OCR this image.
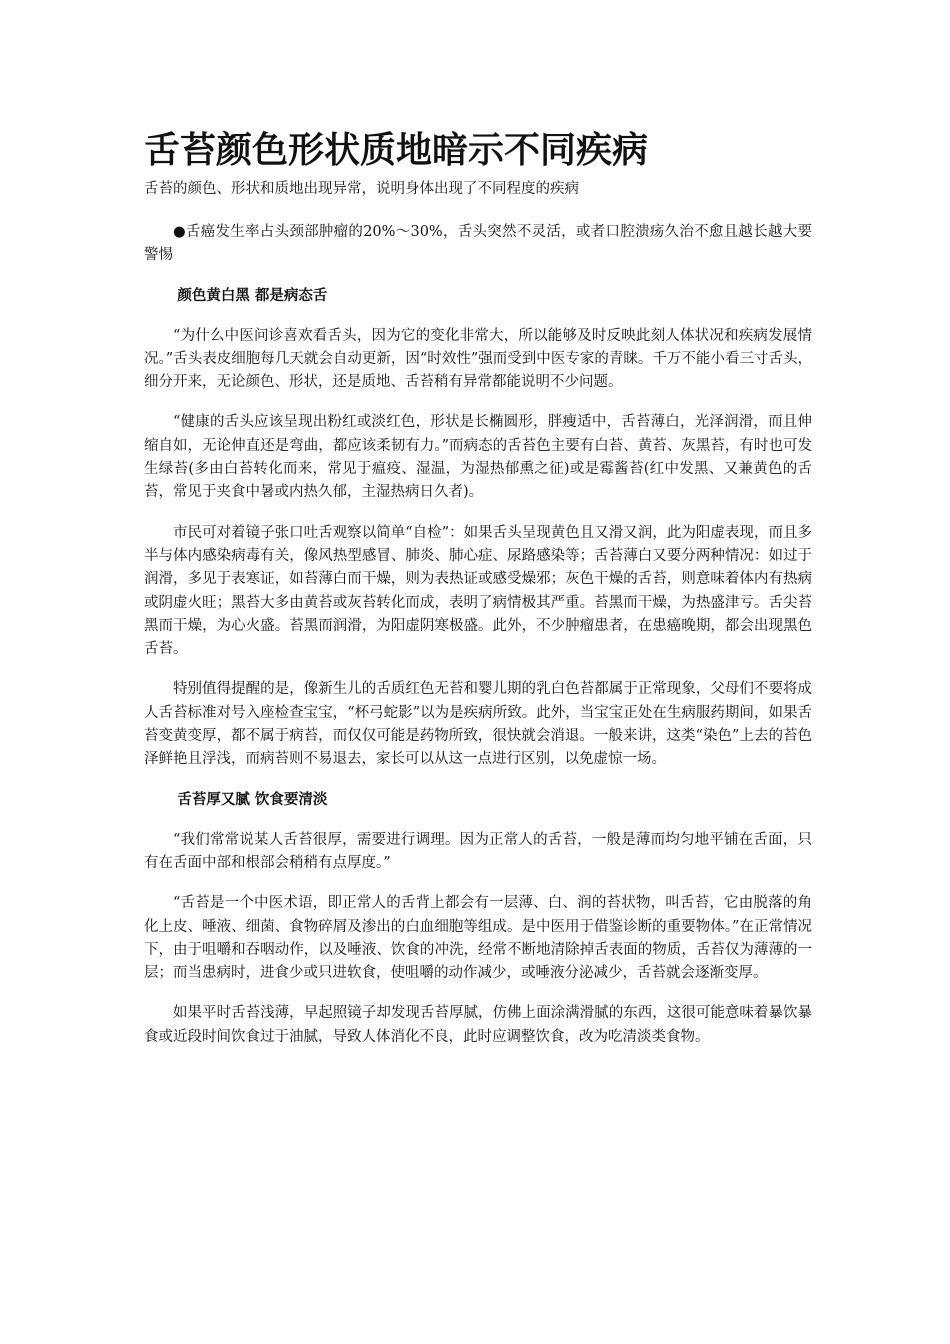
舌苔颜色形状质地暗示不同疾病

舌苔的颜色、形状和质地出现异常，说明身体出现了不同程度的疾病

●舌癌发生率占头颈部肿瘤的20%～30%，舌头突然不灵活，或者口腔溃疡久治不愈且越长越大要警惕

颜色黄白黑 都是病态舌

“为什么中医问诊喜欢看舌头，因为它的变化非常大，所以能够及时反映此刻人体状况和疾病发展情况。”舌头表皮细胞每几天就会自动更新，因“时效性”强而受到中医专家的青睐。千万不能小看三寸舌头，细分开来，无论颜色、形状，还是质地、舌苔稍有异常都能说明不少问题。

“健康的舌头应该呈现出粉红或淡红色，形状是长椭圆形，胖瘦适中，舌苔薄白，光泽润滑，而且伸缩自如，无论伸直还是弯曲，都应该柔韧有力。”而病态的舌苔色主要有白苔、黄苔、灰黑苔，有时也可发生绿苔(多由白苔转化而来，常见于瘟疫、湿温，为湿热郁熏之征)或是霉酱苔(红中发黑、又兼黄色的舌苔，常见于夹食中暑或内热久郁，主湿热病日久者)。

市民可对着镜子张口吐舌观察以简单“自检”：如果舌头呈现黄色且又滑又润，此为阳虚表现，而且多半与体内感染病毒有关，像风热型感冒、肺炎、肺心症、尿路感染等；舌苔薄白又要分两种情况：如过于润滑，多见于表寒证，如苔薄白而干燥，则为表热证或感受燥邪；灰色干燥的舌苔，则意味着体内有热病或阴虚火旺；黑苔大多由黄苔或灰苔转化而成，表明了病情极其严重。苔黑而干燥，为热盛津亏。舌尖苔黑而干燥，为心火盛。苔黑而润滑，为阳虚阴寒极盛。此外，不少肿瘤患者，在患癌晚期，都会出现黑色舌苔。

特别值得提醒的是，像新生儿的舌质红色无苔和婴儿期的乳白色苔都属于正常现象，父母们不要将成人舌苔标准对号入座检查宝宝，“杯弓蛇影”以为是疾病所致。此外，当宝宝正处在生病服药期间，如果舌苔变黄变厚，都不属于病苔，而仅仅可能是药物所致，很快就会消退。一般来讲，这类“染色”上去的苔色泽鲜艳且浮浅，而病苔则不易退去，家长可以从这一点进行区别，以免虚惊一场。

舌苔厚又腻 饮食要清淡

“我们常常说某人舌苔很厚，需要进行调理。因为正常人的舌苔，一般是薄而均匀地平铺在舌面，只有在舌面中部和根部会稍稍有点厚度。”

“舌苔是一个中医术语，即正常人的舌背上都会有一层薄、白、润的苔状物，叫舌苔，它由脱落的角化上皮、唾液、细菌、食物碎屑及渗出的白血细胞等组成。是中医用于借鉴诊断的重要物体。”在正常情况下，由于咀嚼和吞咽动作，以及唾液、饮食的冲洗，经常不断地清除掉舌表面的物质，舌苔仅为薄薄的一层；而当患病时，进食少或只进软食，使咀嚼的动作减少，或唾液分泌减少，舌苔就会逐渐变厚。

如果平时舌苔浅薄，早起照镜子却发现舌苔厚腻，仿佛上面涂满滑腻的东西，这很可能意味着暴饮暴食或近段时间饮食过于油腻，导致人体消化不良，此时应调整饮食，改为吃清淡类食物。
